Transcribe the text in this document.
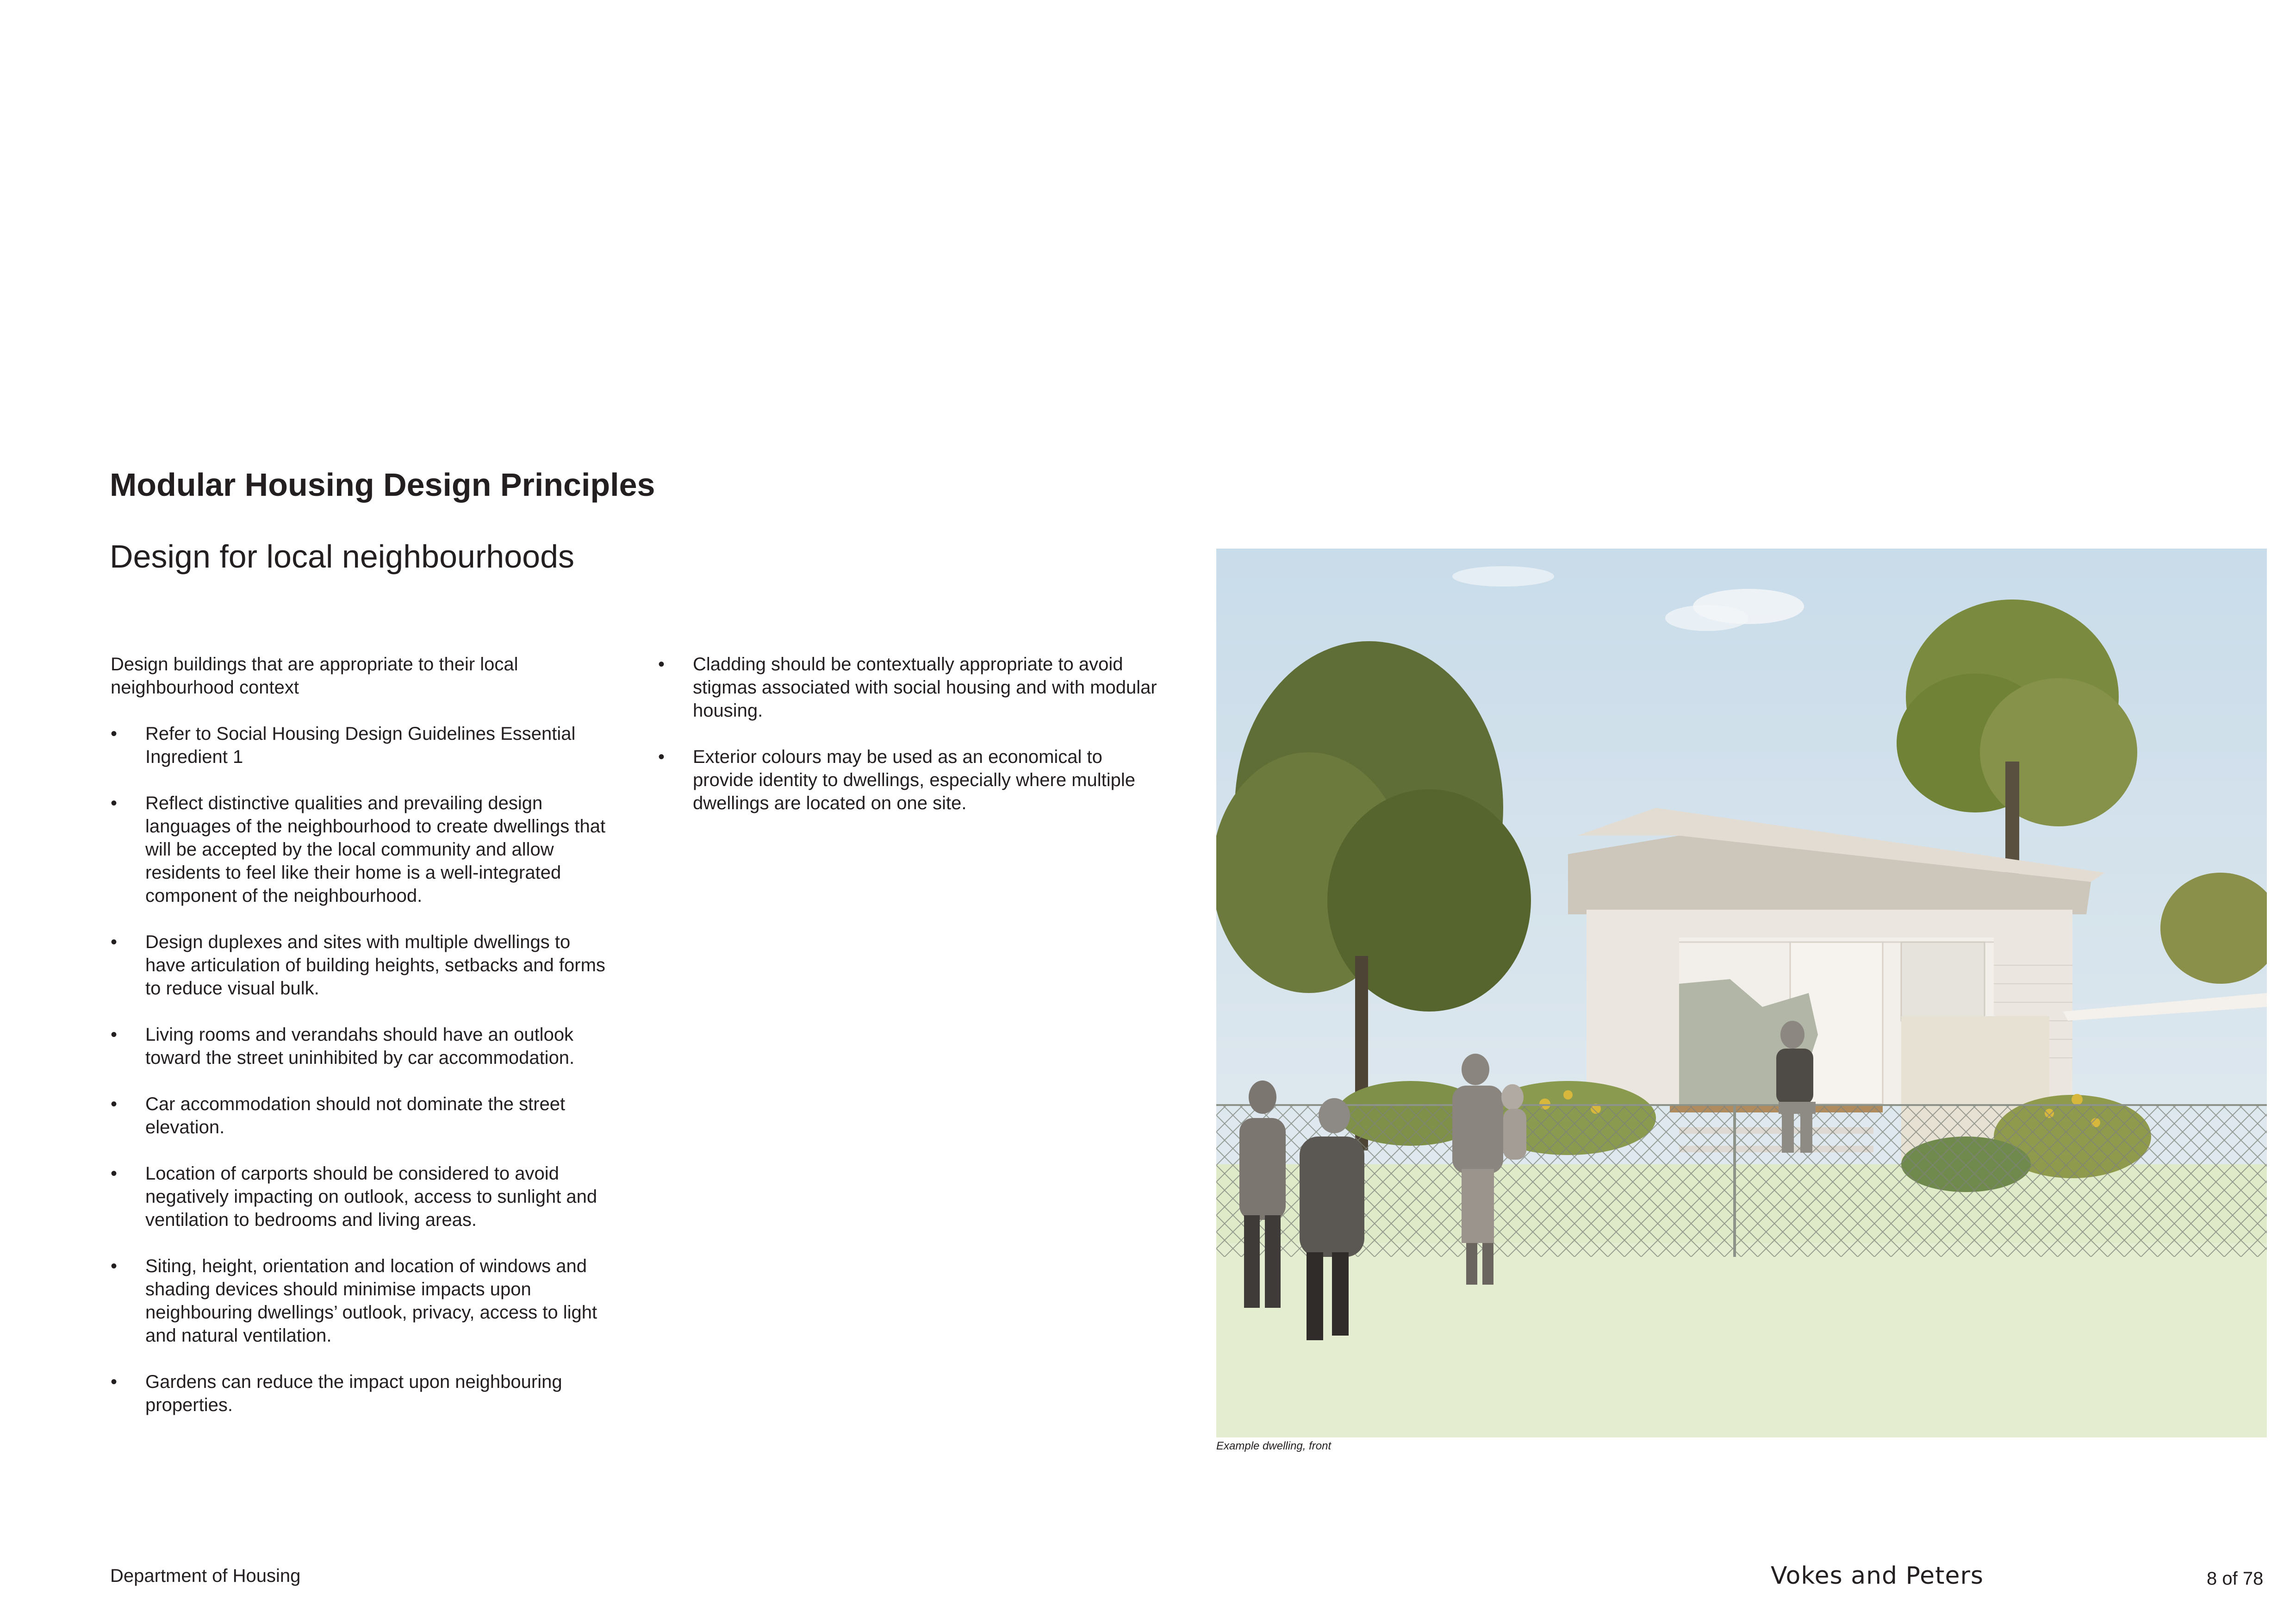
Modular Housing Design Principles
Design for local neighbourhoods

Design buildings that are appropriate to their local neighbourhood context

• Refer to Social Housing Design Guidelines Essential Ingredient 1
• Reflect distinctive qualities and prevailing design languages of the neighbourhood to create dwellings that will be accepted by the local community and allow residents to feel like their home is a well-integrated component of the neighbourhood.
• Design duplexes and sites with multiple dwellings to have articulation of building heights, setbacks and forms to reduce visual bulk.
• Living rooms and verandahs should have an outlook toward the street uninhibited by car accommodation.
• Car accommodation should not dominate the street elevation.
• Location of carports should be considered to avoid negatively impacting on outlook, access to sunlight and ventilation to bedrooms and living areas.
• Siting, height, orientation and location of windows and shading devices should minimise impacts upon neighbouring dwellings’ outlook, privacy, access to light and natural ventilation.
• Gardens can reduce the impact upon neighbouring properties.
• Cladding should be contextually appropriate to avoid stigmas associated with social housing and with modular housing.
• Exterior colours may be used as an economical to provide identity to dwellings, especially where multiple dwellings are located on one site.
Example dwelling, front
Department of Housing	Vokes and Peters	8 of 78
